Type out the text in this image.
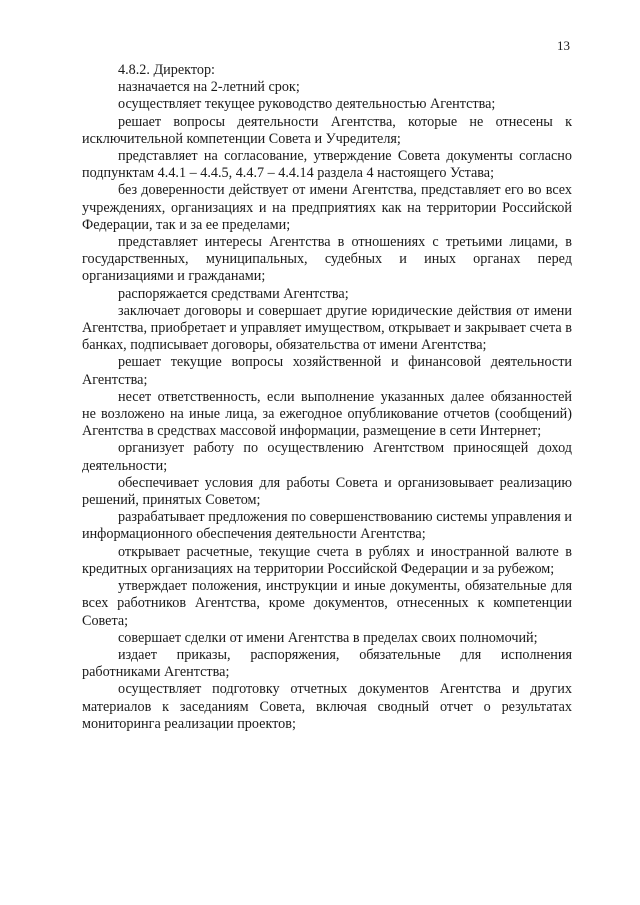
13

4.8.2. Директор:

назначается на 2-летний срок;

осуществляет текущее руководство деятельностью Агентства;

решает вопросы деятельности Агентства, которые не отнесены к исключительной компетенции Совета и Учредителя;

представляет на согласование, утверждение Совета документы согласно подпунктам 4.4.1 – 4.4.5, 4.4.7 – 4.4.14 раздела 4 настоящего Устава;

без доверенности действует от имени Агентства, представляет его во всех учреждениях, организациях и на предприятиях как на территории Российской Федерации, так и за ее пределами;

представляет интересы Агентства в отношениях с третьими лицами, в государственных, муниципальных, судебных и иных органах перед организациями и гражданами;

распоряжается средствами Агентства;

заключает договоры и совершает другие юридические действия от имени Агентства, приобретает и управляет имуществом, открывает и закрывает счета в банках, подписывает договоры, обязательства от имени Агентства;

решает текущие вопросы хозяйственной и финансовой деятельности Агентства;

несет ответственность, если выполнение указанных далее обязанностей не возложено на иные лица, за ежегодное опубликование отчетов (сообщений) Агентства в средствах массовой информации, размещение в сети Интернет;

организует работу по осуществлению Агентством приносящей доход деятельности;

обеспечивает условия для работы Совета и организовывает реализацию решений, принятых Советом;

разрабатывает предложения по совершенствованию системы управления и информационного обеспечения деятельности Агентства;

открывает расчетные, текущие счета в рублях и иностранной валюте в кредитных организациях на территории Российской Федерации и за рубежом;

утверждает положения, инструкции и иные документы, обязательные для всех работников Агентства, кроме документов, отнесенных к компетенции Совета;

совершает сделки от имени Агентства в пределах своих полномочий;

издает приказы, распоряжения, обязательные для исполнения работниками Агентства;

осуществляет подготовку отчетных документов Агентства и других материалов к заседаниям Совета, включая сводный отчет о результатах мониторинга реализации проектов;
